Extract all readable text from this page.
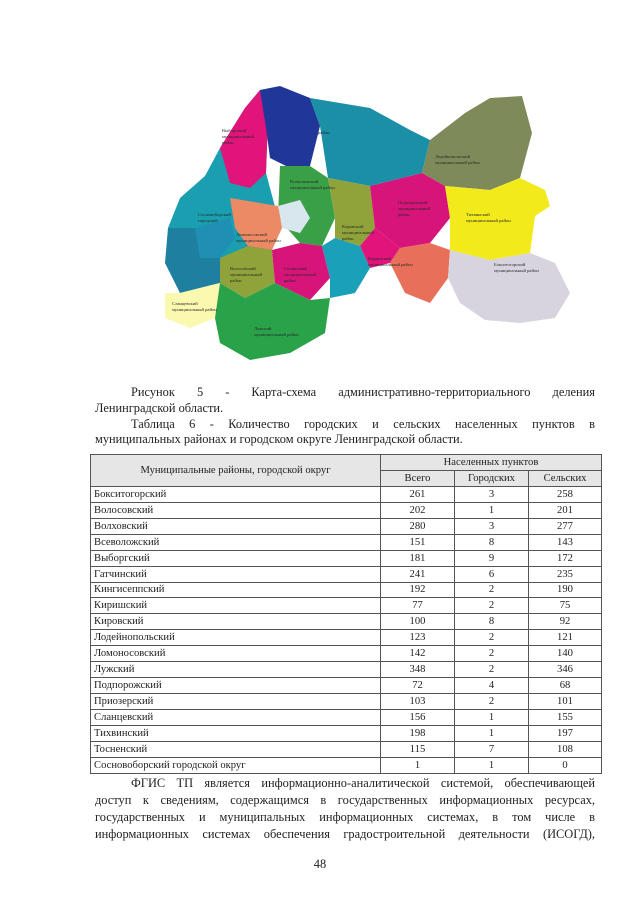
Выборгский
муниципальный
район
район
Лодейнопольский
муниципальный район
Всеволожский
муниципальный район
Сосновоборский
городской
Ломоносовский
муниципальный район
Кировский
муниципальный
район
Подпорожский
муниципальный
район	Тихвинский
муниципальный район
Волосовский
муниципальный
район
Гатчинский
муниципальный
район
Киришский
муниципальный район	Бокситогорский
муниципальный район
Сланцевский
муниципальный район
Лужский
муниципальный район
Рисунок 5 - Карта-схема административно-территориального деления
Ленинградской области.
Таблица 6 - Количество городских и сельских населенных пунктов в
муниципальных районах и городском округе Ленинградской области.
Муниципальные районы, городской округ	Населенных пунктов		
	Всего	Городских	Сельских
Бокситогорский	261	3	258
Волосовский	202	1	201
Волховский	280	3	277
Всеволожский	151	8	143
Выборгский	181	9	172
Гатчинский	241	6	235
Кингисеппский	192	2	190
Киришский	77	2	75
Кировский	100	8	92
Лодейнопольский	123	2	121
Ломоносовский	142	2	140
Лужский	348	2	346
Подпорожский	72	4	68
Приозерский	103	2	101
Сланцевский	156	1	155
Тихвинский	198	1	197
Тосненский	115	7	108
Сосновоборский городской округ	1	1	0
ФГИС ТП является информационно-аналитической системой, обеспечивающей
доступ к сведениям, содержащимся в государственных информационных ресурсах,
государственных и муниципальных информационных системах, в том числе в
информационных системах обеспечения градостроительной деятельности (ИСОГД),
48
